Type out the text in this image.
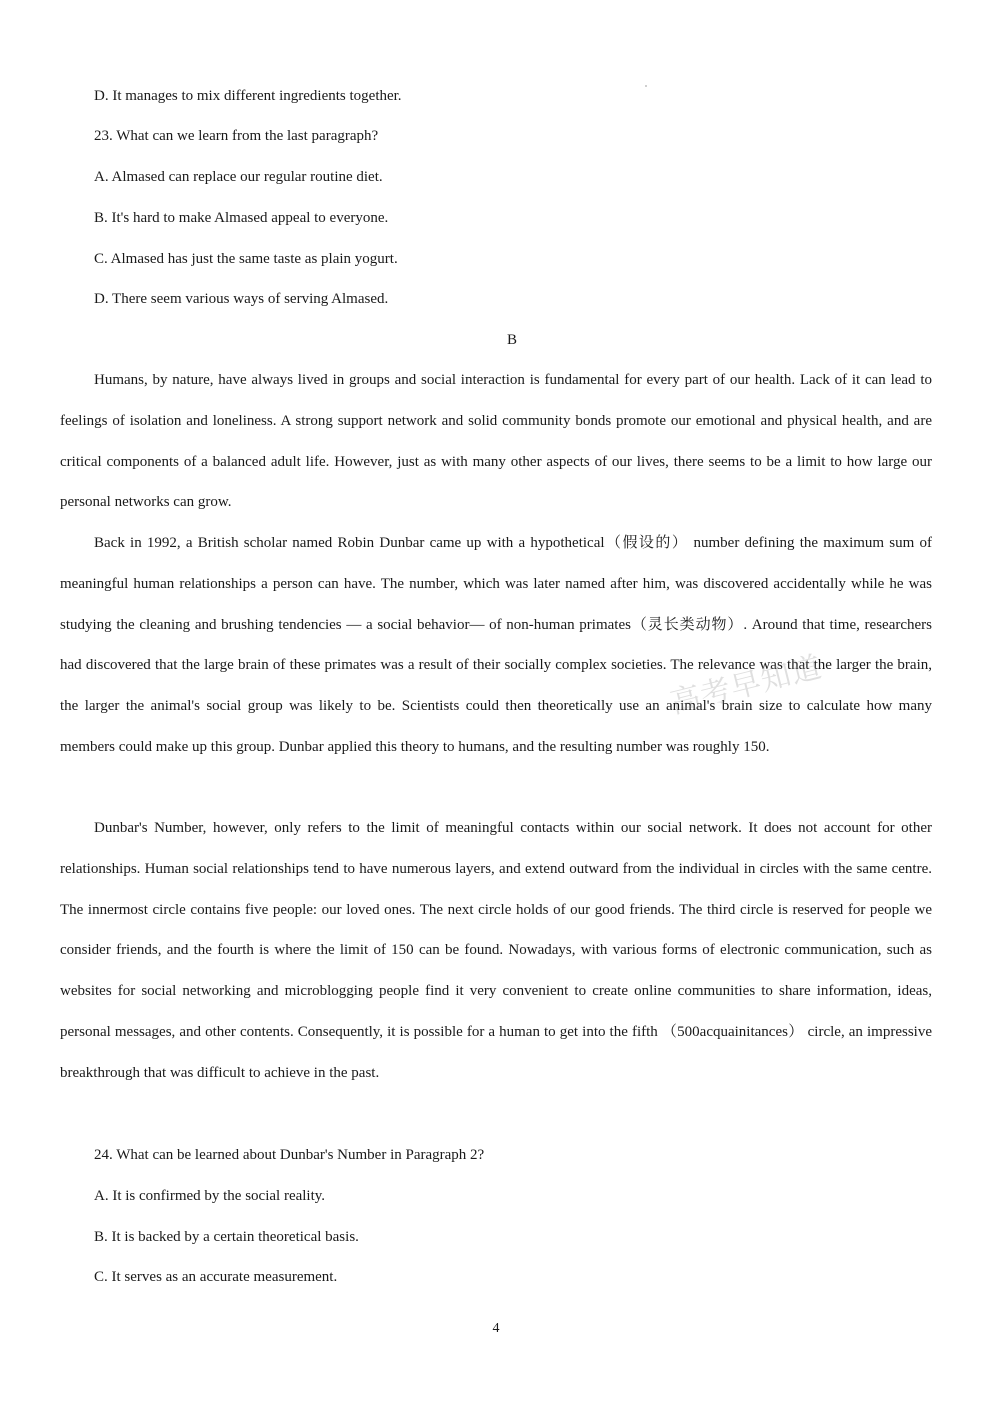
D. It manages to mix different ingredients together.
23. What can we learn from the last paragraph?
A. Almased can replace our regular routine diet.
B. It's hard to make Almased appeal to everyone.
C. Almased has just the same taste as plain yogurt.
D. There seem various ways of serving Almased.
B

Humans, by nature, have always lived in groups and social interaction is fundamental for every part of our health. Lack of it can lead to feelings of isolation and loneliness. A strong support network and solid community bonds promote our emotional and physical health, and are critical components of a balanced adult life. However, just as with many other aspects of our lives, there seems to be a limit to how large our personal networks can grow.

Back in 1992, a British scholar named Robin Dunbar came up with a hypothetical（假设的） number defining the maximum sum of meaningful human relationships a person can have. The number, which was later named after him, was discovered accidentally while he was studying the cleaning and brushing tendencies — a social behavior— of non-human primates（灵长类动物）. Around that time, researchers had discovered that the large brain of these primates was a result of their socially complex societies. The relevance was that the larger the brain, the larger the animal's social group was likely to be. Scientists could then theoretically use an animal's brain size to calculate how many members could make up this group. Dunbar applied this theory to humans, and the resulting number was roughly 150.

Dunbar's Number, however, only refers to the limit of meaningful contacts within our social network. It does not account for other relationships. Human social relationships tend to have numerous layers, and extend outward from the individual in circles with the same centre. The innermost circle contains five people: our loved ones. The next circle holds of our good friends. The third circle is reserved for people we consider friends, and the fourth is where the limit of 150 can be found. Nowadays, with various forms of electronic communication, such as websites for social networking and microblogging people find it very convenient to create online communities to share information, ideas, personal messages, and other contents. Consequently, it is possible for a human to get into the fifth （500acquainitances） circle, an impressive breakthrough that was difficult to achieve in the past.

高考早知道
24. What can be learned about Dunbar's Number in Paragraph 2?
A. It is confirmed by the social reality.
B. It is backed by a certain theoretical basis.
C. It serves as an accurate measurement.
4
